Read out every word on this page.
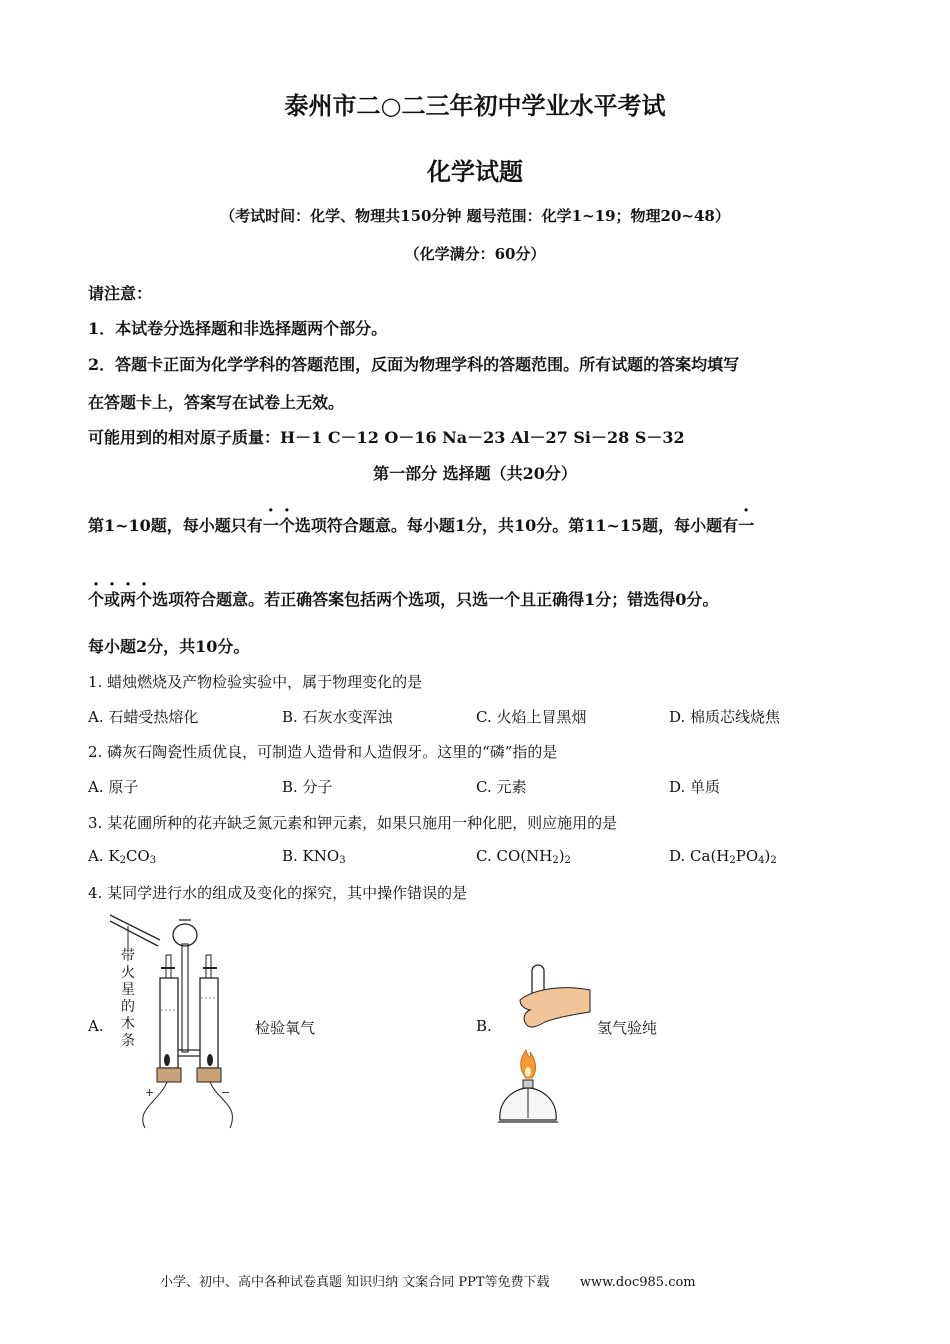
泰州市二○二三年初中学业水平考试
化学试题
（考试时间：化学、物理共150分钟 题号范围：化学1~19；物理20~48）
（化学满分：60分）
请注意：
1．本试卷分选择题和非选择题两个部分。
2．答题卡正面为化学学科的答题范围，反面为物理学科的答题范围。所有试题的答案均填写
在答题卡上，答案写在试卷上无效。
可能用到的相对原子质量：H－1 C－12 O－16 Na－23 Al－27 Si－28 S－32
第一部分 选择题（共20分）
第1~10题，每小题只有一个选项符合题意。每小题1分，共10分。第11~15题，每小题有一
个或两个选项符合题意。若正确答案包括两个选项，只选一个且正确得1分；错选得0分。
每小题2分，共10分。
1. 蜡烛燃烧及产物检验实验中，属于物理变化的是
A. 石蜡受热熔化	B. 石灰水变浑浊	C. 火焰上冒黑烟	D. 棉质芯线烧焦
2. 磷灰石陶瓷性质优良，可制造人造骨和人造假牙。这里的“磷”指的是
A. 原子	B. 分子	C. 元素	D. 单质
3. 某花圃所种的花卉缺乏氮元素和钾元素，如果只施用一种化肥，则应施用的是
A. $K_2CO_3$	B. $KNO_3$	C. $CO(NH_2)_2$	D. $Ca(H_2PO_4)_2$
4. 某同学进行水的组成及变化的探究，其中操作错误的是
A.	检验氧气	B.	氢气验纯
带火星的木条
+	−
小学、初中、高中各种试卷真题 知识归纳 文案合同 PPT等免费下载 www.doc985.com
